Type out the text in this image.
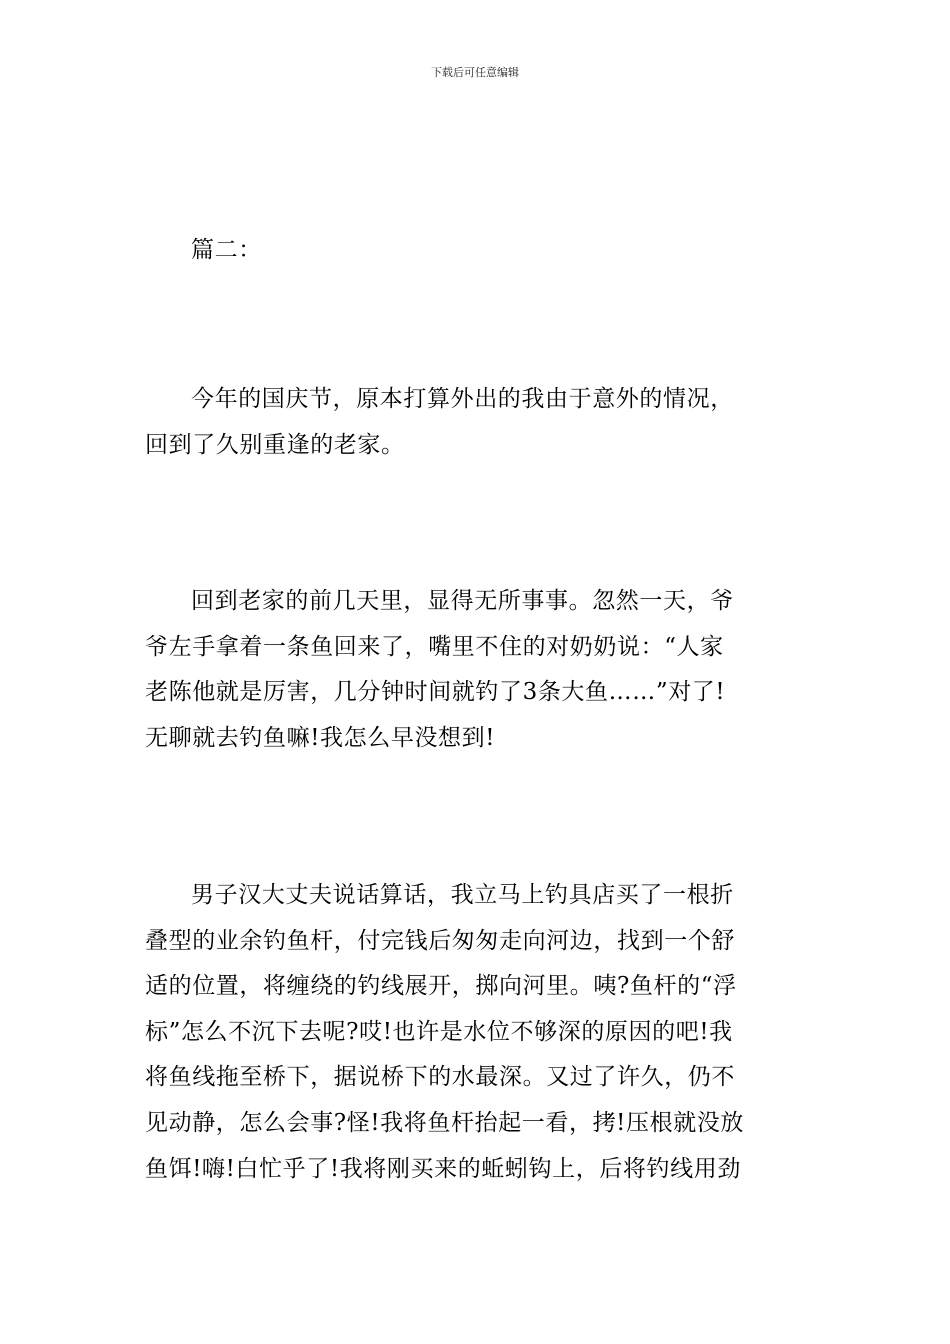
下载后可任意编辑

篇二：

今年的国庆节，原本打算外出的我由于意外的情况，
回到了久别重逢的老家。

回到老家的前几天里，显得无所事事。忽然一天，爷
爷左手拿着一条鱼回来了，嘴里不住的对奶奶说：“人家
老陈他就是厉害，几分钟时间就钓了3条大鱼……”对了!
无聊就去钓鱼嘛!我怎么早没想到!

男子汉大丈夫说话算话，我立马上钓具店买了一根折
叠型的业余钓鱼杆，付完钱后匆匆走向河边，找到一个舒
适的位置，将缠绕的钓线展开，掷向河里。咦?鱼杆的“浮
标”怎么不沉下去呢?哎!也许是水位不够深的原因的吧!我
将鱼线拖至桥下，据说桥下的水最深。又过了许久，仍不
见动静，怎么会事?怪!我将鱼杆抬起一看，拷!压根就没放
鱼饵!嗨!白忙乎了!我将刚买来的蚯蚓钩上，后将钓线用劲
